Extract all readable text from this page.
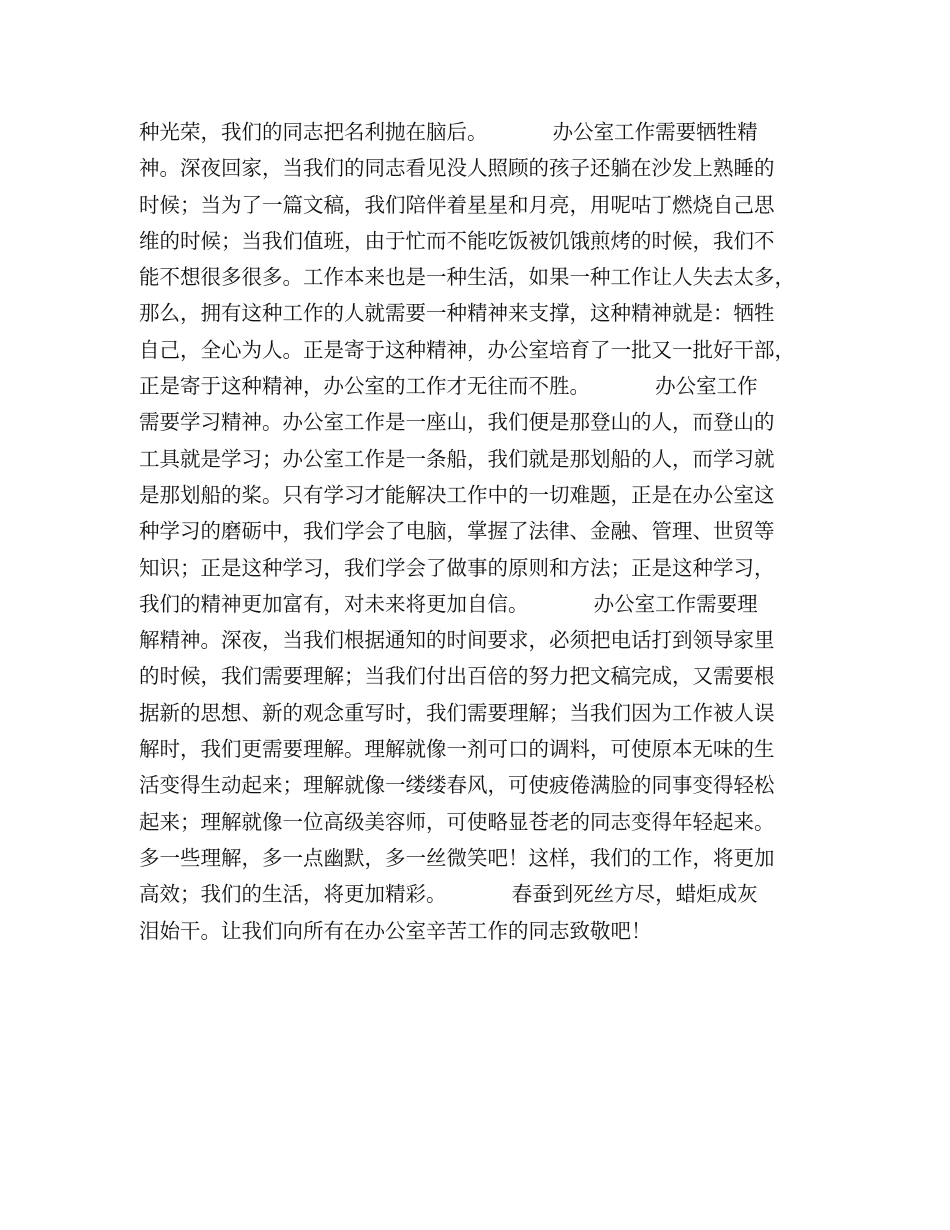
种光荣，我们的同志把名利抛在脑后。          办公室工作需要牺牲精
神。深夜回家，当我们的同志看见没人照顾的孩子还躺在沙发上熟睡的
时候；当为了一篇文稿，我们陪伴着星星和月亮，用呢咕丁燃烧自己思
维的时候；当我们值班，由于忙而不能吃饭被饥饿煎烤的时候，我们不
能不想很多很多。工作本来也是一种生活，如果一种工作让人失去太多，
那么，拥有这种工作的人就需要一种精神来支撑，这种精神就是：牺牲
自己，全心为人。正是寄于这种精神，办公室培育了一批又一批好干部，
正是寄于这种精神，办公室的工作才无往而不胜。          办公室工作
需要学习精神。办公室工作是一座山，我们便是那登山的人，而登山的
工具就是学习；办公室工作是一条船，我们就是那划船的人，而学习就
是那划船的桨。只有学习才能解决工作中的一切难题，正是在办公室这
种学习的磨砺中，我们学会了电脑，掌握了法律、金融、管理、世贸等
知识；正是这种学习，我们学会了做事的原则和方法；正是这种学习，
我们的精神更加富有，对未来将更加自信。          办公室工作需要理
解精神。深夜，当我们根据通知的时间要求，必须把电话打到领导家里
的时候，我们需要理解；当我们付出百倍的努力把文稿完成，又需要根
据新的思想、新的观念重写时，我们需要理解；当我们因为工作被人误
解时，我们更需要理解。理解就像一剂可口的调料，可使原本无味的生
活变得生动起来；理解就像一缕缕春风，可使疲倦满脸的同事变得轻松
起来；理解就像一位高级美容师，可使略显苍老的同志变得年轻起来。
多一些理解，多一点幽默，多一丝微笑吧！这样，我们的工作，将更加
高效；我们的生活，将更加精彩。          春蚕到死丝方尽，蜡炬成灰
泪始干。让我们向所有在办公室辛苦工作的同志致敬吧！
